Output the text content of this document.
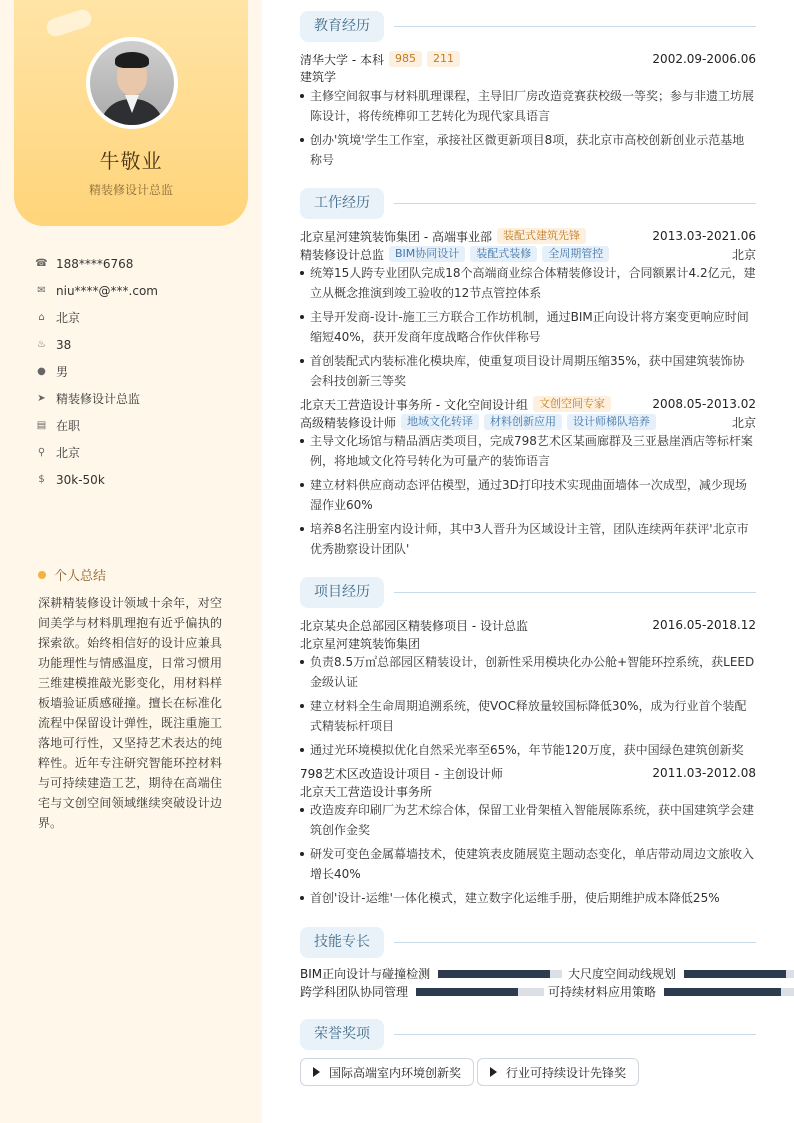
牛敬业
精装修设计总监
☎ 188****6768
✉ niu****@***.com
⌂ 北京
♨ 38
● 男
➤ 精装修设计总监
▤ 在职
⚲ 北京
$ 30k-50k
个人总结
深耕精装修设计领域十余年，对空间美学与材料肌理抱有近乎偏执的探索欲。始终相信好的设计应兼具功能理性与情感温度，日常习惯用三维建模推敲光影变化，用材料样板墙验证质感碰撞。擅长在标准化流程中保留设计弹性，既注重施工落地可行性，又坚持艺术表达的纯粹性。近年专注研究智能环控材料与可持续建造工艺，期待在高端住宅与文创空间领域继续突破设计边界。
教育经历
清华大学 - 本科	985	211	2002.09-2006.06
建筑学
主修空间叙事与材料肌理课程，主导旧厂房改造竞赛获校级一等奖；参与非遗工坊展陈设计，将传统榫卯工艺转化为现代家具语言
创办'筑境'学生工作室，承接社区微更新项目8项，获北京市高校创新创业示范基地称号
工作经历
北京星河建筑装饰集团 - 高端事业部	装配式建筑先锋	2013.03-2021.06
精装修设计总监	BIM协同设计	装配式装修	全周期管控	北京
统筹15人跨专业团队完成18个高端商业综合体精装修设计，合同额累计4.2亿元，建立从概念推演到竣工验收的12节点管控体系
主导开发商-设计-施工三方联合工作坊机制，通过BIM正向设计将方案变更响应时间缩短40%，获开发商年度战略合作伙伴称号
首创装配式内装标准化模块库，使重复项目设计周期压缩35%，获中国建筑装饰协会科技创新三等奖
北京天工营造设计事务所 - 文化空间设计组	文创空间专家	2008.05-2013.02
高级精装修设计师	地域文化转译	材料创新应用	设计师梯队培养	北京
主导文化场馆与精品酒店类项目，完成798艺术区某画廊群及三亚悬崖酒店等标杆案例，将地域文化符号转化为可量产的装饰语言
建立材料供应商动态评估模型，通过3D打印技术实现曲面墙体一次成型，减少现场湿作业60%
培养8名注册室内设计师，其中3人晋升为区域设计主管，团队连续两年获评'北京市优秀勘察设计团队'
项目经历
北京某央企总部园区精装修项目 - 设计总监	2016.05-2018.12
北京星河建筑装饰集团
负责8.5万㎡总部园区精装设计，创新性采用模块化办公舱+智能环控系统，获LEED金级认证
建立材料全生命周期追溯系统，使VOC释放量较国标降低30%，成为行业首个装配式精装标杆项目
通过光环境模拟优化自然采光率至65%，年节能120万度，获中国绿色建筑创新奖
798艺术区改造设计项目 - 主创设计师	2011.03-2012.08
北京天工营造设计事务所
改造废弃印刷厂为艺术综合体，保留工业骨架植入智能展陈系统，获中国建筑学会建筑创作金奖
研发可变色金属幕墙技术，使建筑表皮随展览主题动态变化，单店带动周边文旅收入增长40%
首创'设计-运维'一体化模式，建立数字化运维手册，使后期维护成本降低25%
技能专长
BIM正向设计与碰撞检测	大尺度空间动线规划
跨学科团队协同管理	可持续材料应用策略
荣誉奖项
国际高端室内环境创新奖	行业可持续设计先锋奖
